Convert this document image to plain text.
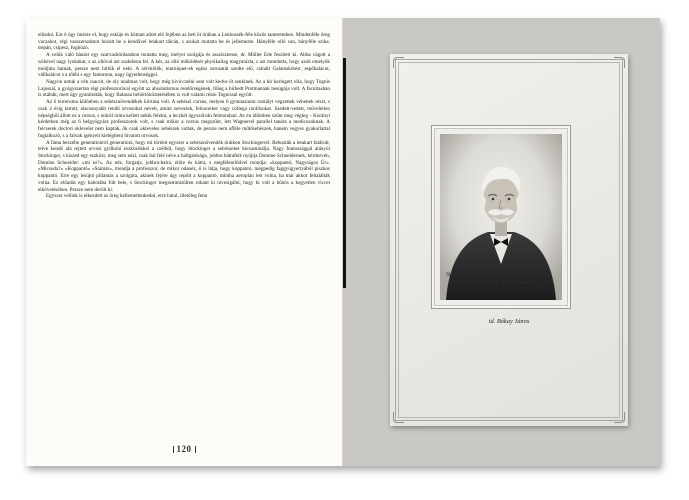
előadni. Ezt ő úgy intézte el, hogy esküje és köttant adott elő fejében az heti öt órában a Lenhossék-féle közös tanteremben. Mindenféle öreg vaczakot, régi vasszerszámot hozott be a kendővel letakart tálcán, s azokat mutatta be és jellemezte. Hányféle olló van, hányféle szike, trepán, csipesz, foghúzó.

A velük való bánást egy szarvasbőrdarabon mutatta meg, melyet szolgája és asszisztense, dr. Müller Ede feszített ki. Abba vágott a szikével nagy lyukakat, s az ollóval azt szabdosta fel. A kés, az olló működését physikailag magyarázta, s azt mondotta, hogy azok emelyük módjára hatnak, persze nem hittük el neki. A sérvkötők, tourniquet-ek egész sorozatát szedte elő, csinált Galamskötést, espőkalácot, vállkalácot s a többi s egy fantomon, nagy ügyetlenséggel.

Nagyon untuk a vén csacsit, de oly unalmas volt, hogy még kivicczelni sem volt kedve őt senkinek. Az a hír keringett róla, hogy Tognis Lajossal, a gyógyszertan régi professzorával együtt az absolutismus rendőrségének, főleg a hírhedt Protmannak besúgója volt. A facultasban is utálták, mert úgy gyanították, hogy Balassa bebörtönöztetésében is volt valami része Tognissal együtt.

Az ő terrerumа különben a sebésznövendékek kiirtása volt. A sebészi cursus, melyen 6 gymnasiumi osztályt végzettek vehettek részt, s csak 4 évig tartott, alacsonyabb rendű orvosokat nevelt, amint neveztek, felcsereket vagy collega rurálisokat. Szedett-vedett, műveletlen népségből állott ez a cursus, s óráról órára kellett nekik felelni, a leczkét úgyszólván felmondani. Az én időmben szűnt meg végleg – Korányi kérdetben még az 6 belgyógyász professzorok volt, s csak mikor a cursus megszűnt, lett Wagnerrel parallel tanára a medicusoknak. A felcserek doctori oklevelet nem kaptak, ők csak okleveles sebészek voltak, de persze nem afféle műtősebészek, hanem vegyes gyakorlattal foglalkozó, s a falvak igényeit kielégíteni hivatott orvosok.

A fáma beszélte generationról generatiora, hogy mi történt egyszer a sebésznövendék óráikon Stockingerrel. Behozták a letakart fatálcát, telve kendő alá rejtett orvosi gyilkoló eszközökkel a czélból, hogy Stockinger a sebészeket kiexaminálja. Nagy fontossággal alányúl Stockinger, s kiszed egy eszközt, meg sem nézi, csak bal felé néve a hallgatósága, jobbra hátrafelé nyújtja Domine Schneidernek, kérdezvén, Domine Schneider: »mi ez?«. Az néz, forgatja, jobbra-balra, előre és hátra, s megfélemlődvel mondja: »koppantó, Nagyságos Úr«. »Micsoda?« »Koppantó« »Stamár«, mondja a professzor, de mikor odanéz, ő is látja, hogy koppantó, mégpedig faggyúgyertyából piszkos koppantó. Erre egy lesújtó pillantás a szolgára, akinek fejére úgy repült a koppantó, mintha aeroplan lett volna, ha már akkor feltalálták volna. Ez előadás egy habotába fúlt bele, s Stockinger megsemmisülten rohant ki invesigálni, hogy ki volt a bűnös a kegyetlen viccet elkövetésében. Persze nem derült ki.

Egyszer velünk is elkezdett az öreg kellemetlenkedni, erre hátul, illetőleg fenn

120
Stagl: ND. 3 Nyax Jovic · 1880
CABINET PORTRAIT
KLÖSZ GY. BUDAPESTEN
id. Bókay János
